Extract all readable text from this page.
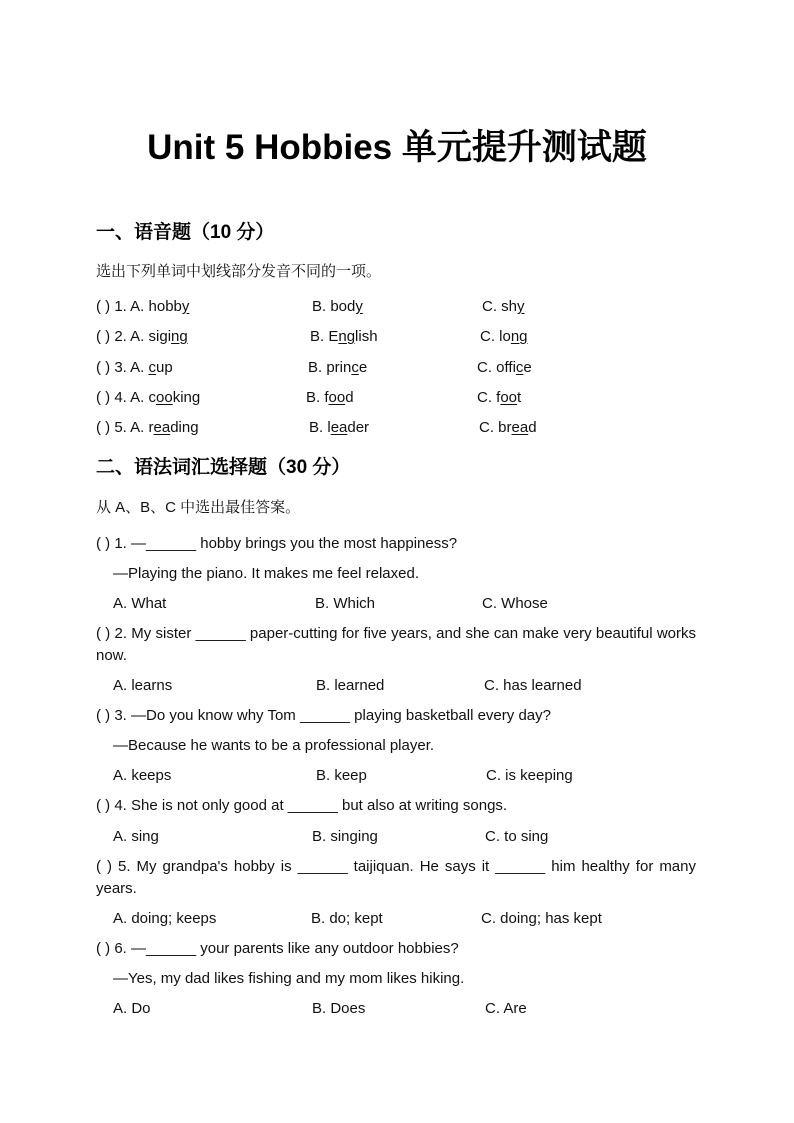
Unit 5 Hobbies 单元提升测试题
一、语音题（10 分）
选出下列单词中划线部分发音不同的一项。
( ) 1. A. hobby	B. body	C. shy
( ) 2. A. siging	B. English	C. long
( ) 3. A. cup	B. prince	C. office
( ) 4. A. cooking	B. food	C. foot
( ) 5. A. reading	B. leader	C. bread
二、语法词汇选择题（30 分）
从 A、B、C 中选出最佳答案。
( ) 1. —______ hobby brings you the most happiness?
—Playing the piano. It makes me feel relaxed.
A. What	B. Which	C. Whose
( ) 2. My sister ______ paper-cutting for five years, and she can make very beautiful works now.
A. learns	B. learned	C. has learned
( ) 3. —Do you know why Tom ______ playing basketball every day?
—Because he wants to be a professional player.
A. keeps	B. keep	C. is keeping
( ) 4. She is not only good at ______ but also at writing songs.
A. sing	B. singing	C. to sing
( ) 5. My grandpa's hobby is ______ taijiquan. He says it ______ him healthy for many years.
A. doing; keeps	B. do; kept	C. doing; has kept
( ) 6. —______ your parents like any outdoor hobbies?
—Yes, my dad likes fishing and my mom likes hiking.
A. Do	B. Does	C. Are
